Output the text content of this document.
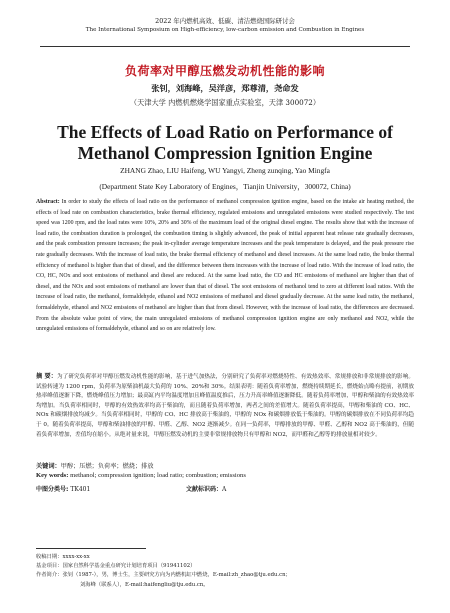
2022 年内燃机高效、低碳、清洁燃烧国际研讨会
The International Symposium on High-efficiency, low-carbon emission and Combustion in Engines
负荷率对甲醇压燃发动机性能的影响
张钊，刘海峰，吴洋彦，郑尊清，尧命发
（天津大学 内燃机燃烧学国家重点实验室，天津 300072）
The Effects of Load Ratio on Performance of Methanol Compression Ignition Engine
ZHANG Zhao, LIU Haifeng, WU Yangyi, Zheng zunqing, Yao Mingfa
(Department State Key Laboratory of Engines，Tianjin University，300072, China)
Abstract: In order to study the effects of load ratio on the performance of methanol compression ignition engine, based on the intake air heating method, the effects of load rate on combustion characteristics, brake thermal efficiency, regulated emissions and unregulated emissions were studied respectively. The test speed was 1200 rpm, and the load rates were 10%, 20% and 30% of the maximum load of the original diesel engine. The results show that with the increase of load ratio, the combustion duration is prolonged, the combustion timing is slightly advanced, the peak of initial apparent heat release rate gradually decreases, and the peak combustion pressure increases; the peak in-cylinder average temperature increases and the peak temperature is delayed, and the peak pressure rise rate gradually decreases. With the increase of load ratio, the brake thermal efficiency of methanol and diesel increases. At the same load ratio, the brake thermal efficiency of methanol is higher than that of diesel, and the difference between them increases with the increase of load ratio. With the increase of load ratio, the CO, HC, NOx and soot emissions of methanol and diesel are reduced. At the same load ratio, the CO and HC emissions of methanol are higher than that of diesel, and the NOx and soot emissions of methanol are lower than that of diesel. The soot emissions of methanol tend to zero at different load ratios. With the increase of load ratio, the methanol, formaldehyde, ethanol and NO2 emissions of methanol and diesel gradually decrease. At the same load ratio, the methanol, formaldehyde, ethanol and NO2 emissions of methanol are higher than that from diesel. However, with the increase of load ratio, the differences are decreased. From the absolute value point of view, the main unregulated emissions of methanol compression ignition engine are only methanol and NO2, while the unregulated emissions of formaldehyde, ethanol and so on are relatively low.
摘 要：为了研究负荷率对甲醇压燃发动机性能的影响，基于进气加热法，分别研究了负荷率对燃烧特性、有效热效率、常规排放和非常规排放的影响。试验转速为 1200 rpm，负荷率为原柴油机最大负荷的 10%、20%和 30%。结果表明：随着负荷率增加，燃烧持续期延长，燃烧始点略有提前，初期放热率峰值逐渐下降，燃烧峰值压力增加；最高缸内平均温度增加且峰值温度推后，压力升高率峰值逐渐降低。随着负荷率增加，甲醇和柴油的有效热效率均增加。当负荷率相同时，甲醇的有效热效率均高于柴油的，而且随着负荷率增加，两者之间的差值增大。随着负荷率提高，甲醇和柴油的 CO、HC、NOx 和碳烟排放均减少。当负荷率相同时，甲醇的 CO、HC 排放高于柴油的，甲醇的 NOx 和碳烟排放低于柴油的。甲醇的碳烟排放在不同负荷率均趋于 0。随着负荷率提高，甲醇和柴油排放的甲醇、甲醛、乙醇、NO2 逐渐减少。在同一负荷率，甲醇排放的甲醇、甲醛、乙醇和 NO2 高于柴油的，但随着负荷率增加，差值均在缩小。从绝对量来说，甲醇压燃发动机的主要非常规排放物只有甲醇和 NO2，而甲醛和乙醇等的排放量相对较少。
关键词：甲醇；压燃；负荷率；燃烧；排放
Key words: methanol; compression ignition; load ratio; combustion; emissions
中图分类号: TK401	文献标识码：A
收稿日期：xxxx-xx-xx
基金项目：国家自然科学基金重点研究计划培育项目（91941102）
作者简介：张钊（1987-），男，博士生，主要研究方向为内燃机缸中燃烧，E-mail:zh_zhao@tju.edu.cn；
刘海峰（联系人），E-mail:haifengliu@tju.edu.cn。
